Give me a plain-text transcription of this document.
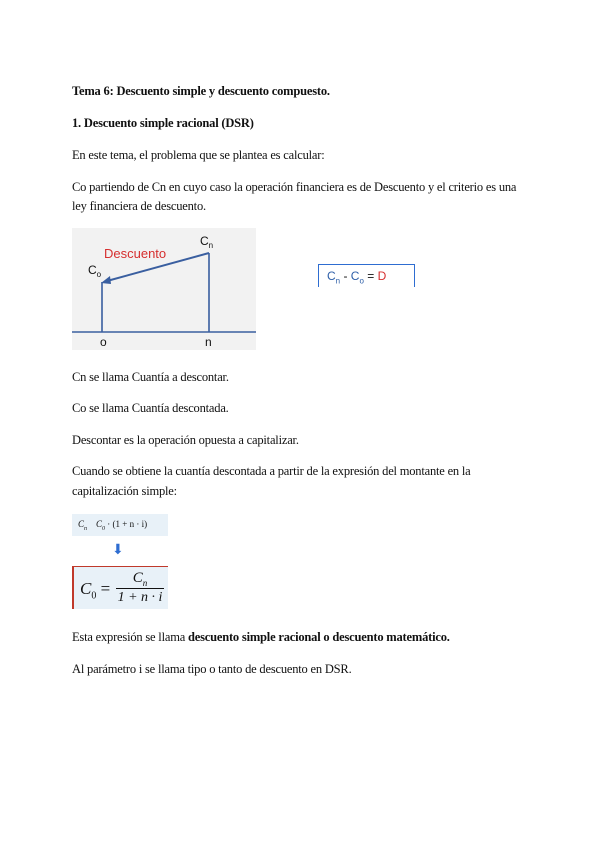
Tema 6: Descuento simple y descuento compuesto.
1. Descuento simple racional (DSR)
En este tema, el problema que se plantea es calcular:
Co partiendo de Cn en cuyo caso la operación financiera es de Descuento y el criterio es una
ley financiera de descuento.
Descuento
$C_n$
$C_o$
o	n
$C_n - C_o = D$
Cn se llama Cuantía a descontar.
Co se llama Cuantía descontada.
Descontar es la operación opuesta a capitalizar.
Cuando se obtiene la cuantía descontada a partir de la expresión del montante en la
capitalización simple:
$C_n$ $C_0 \cdot (1 + n \cdot i)$
⬇
$C_0$ =
$C_n$
1 + n · i
Esta expresión se llama descuento simple racional o descuento matemático.
Al parámetro i se llama tipo o tanto de descuento en DSR.
